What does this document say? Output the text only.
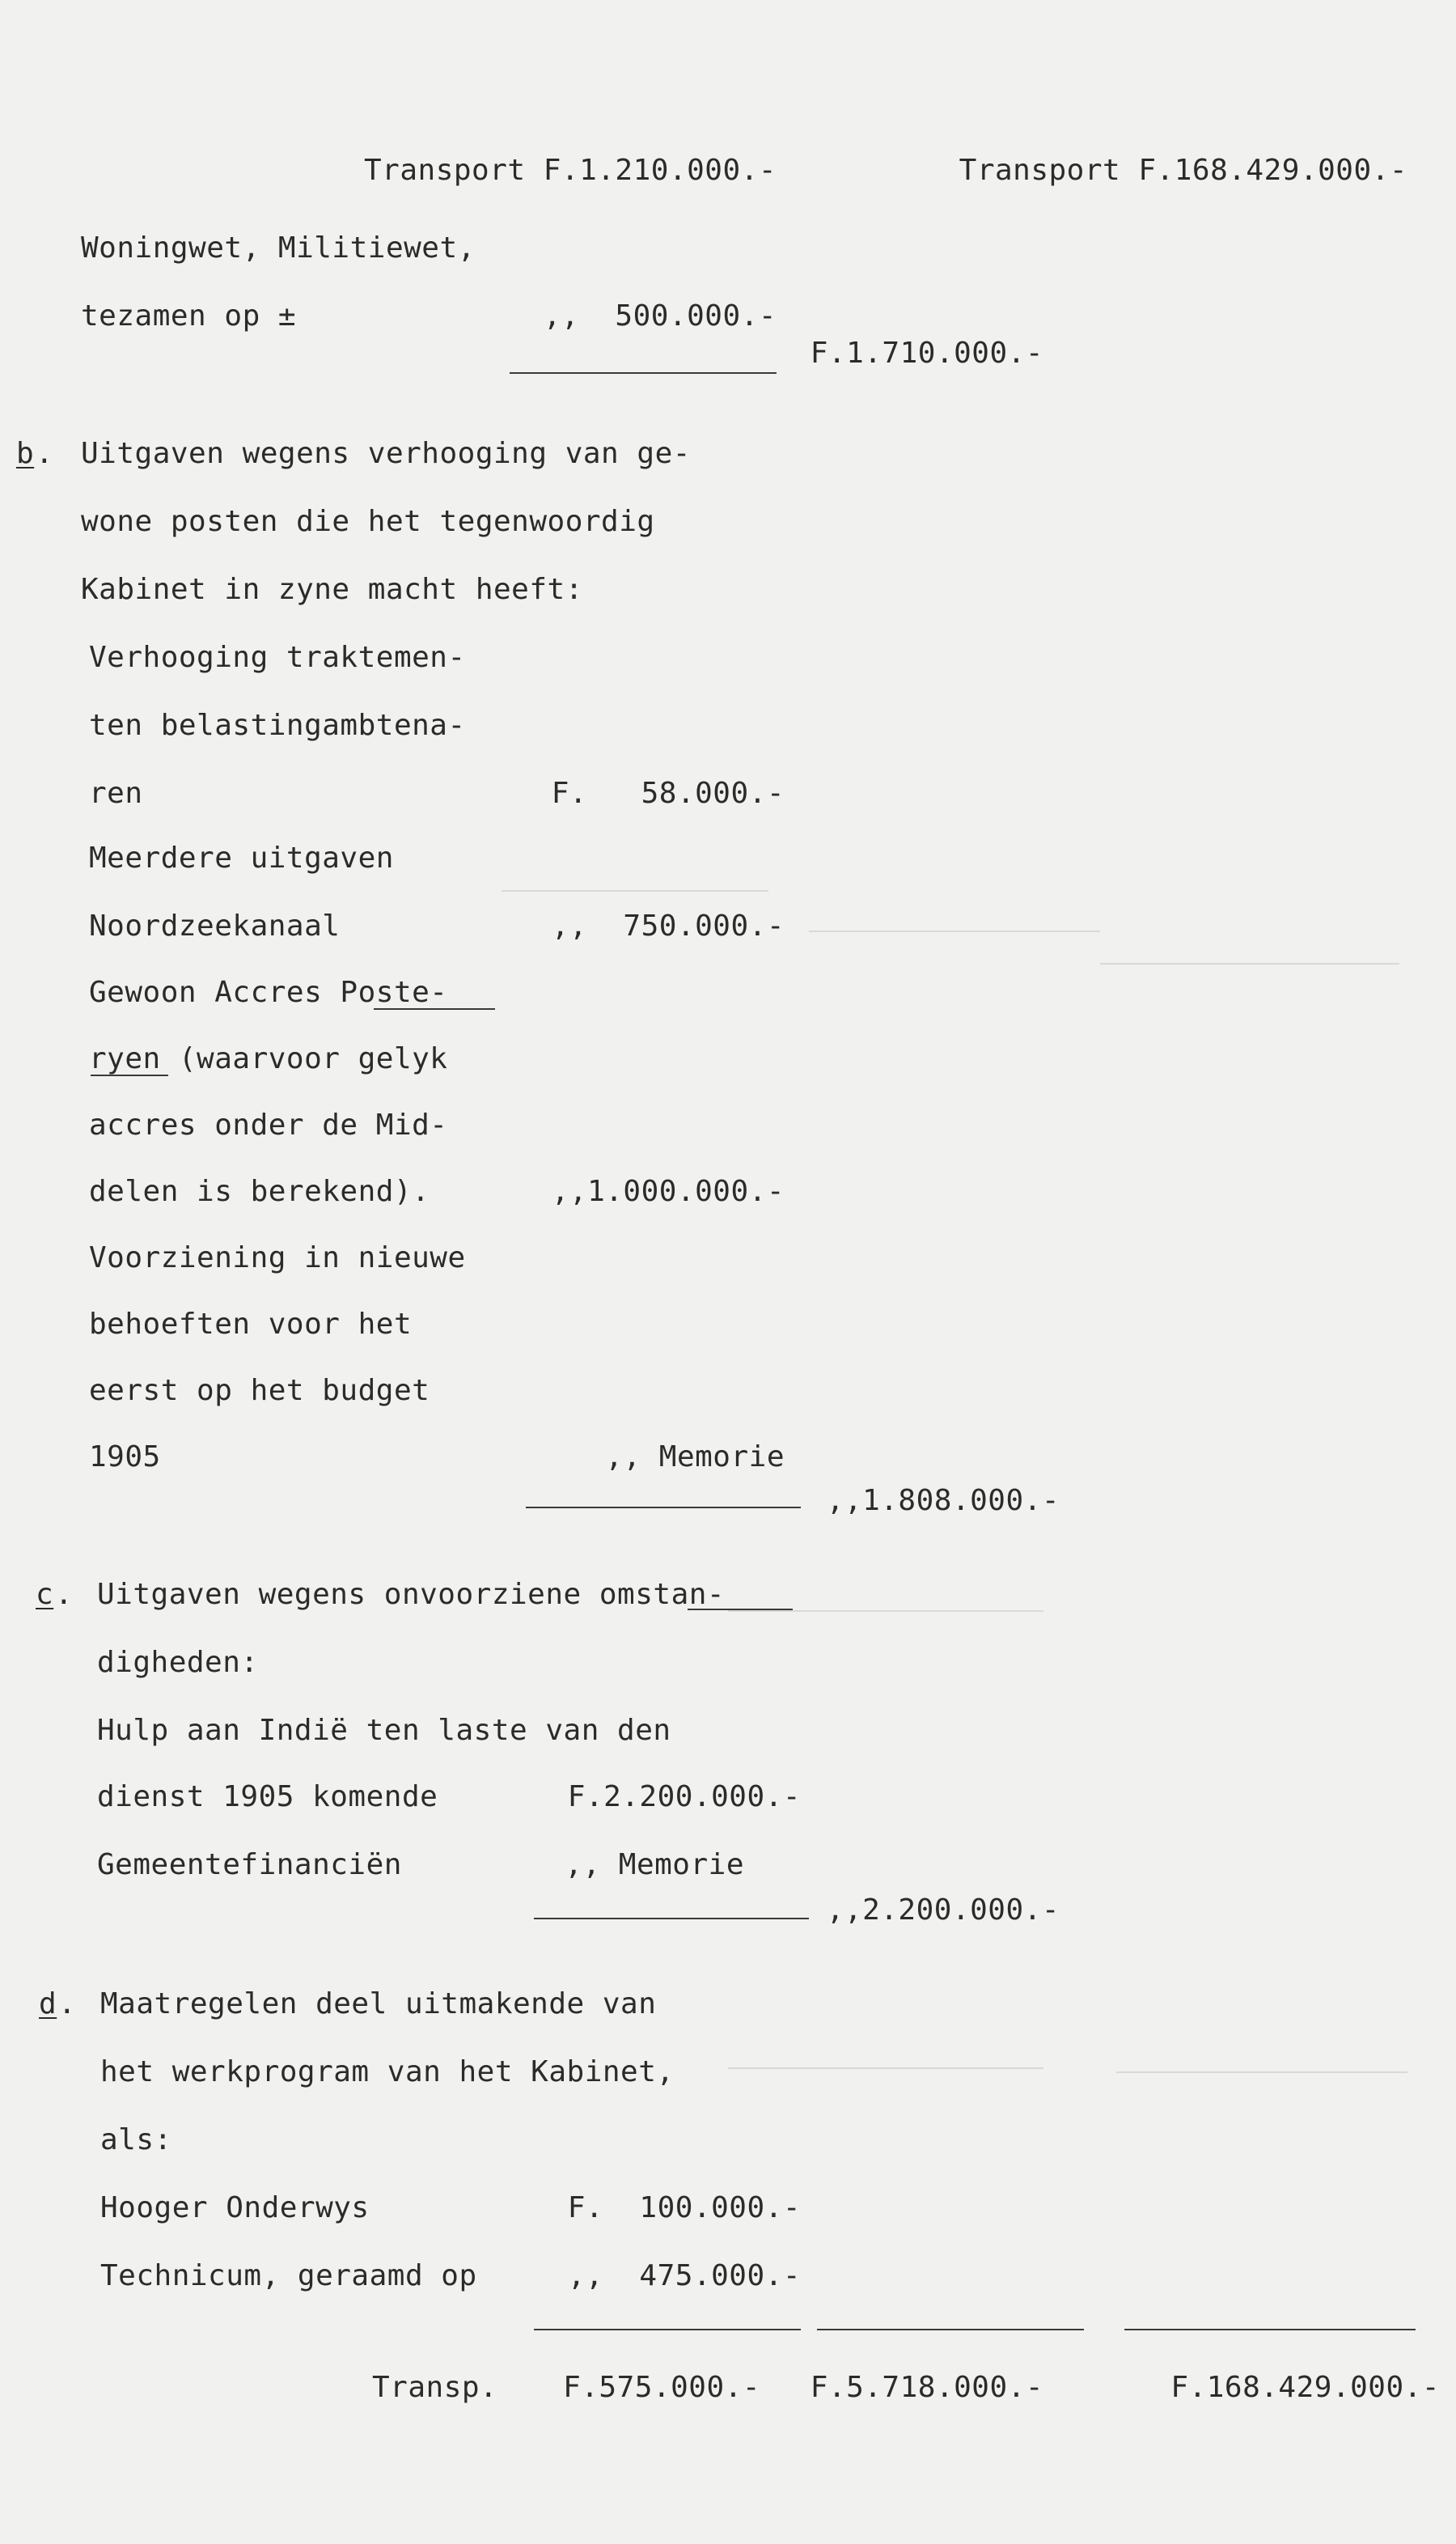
Transport F.1.210.000.-	Transport F.168.429.000.-
Woningwet, Militiewet,
tezamen op ±	,,  500.000.-
F.1.710.000.-
b . Uitgaven wegens verhooging van ge-
wone posten die het tegenwoordig
Kabinet in zyne macht heeft:
Verhooging traktemen-
ten belastingambtena-
ren	F.   58.000.-
Meerdere uitgaven
Noordzeekanaal	,,  750.000.-
Gewoon Accres Poste-
ryen (waarvoor gelyk
accres onder de Mid-
delen is berekend).	,,1.000.000.-
Voorziening in nieuwe
behoeften voor het
eerst op het budget
1905	,, Memorie
,,1.808.000.-
c . Uitgaven wegens onvoorziene omstan-
digheden:
Hulp aan Indië ten laste van den
dienst 1905 komende	F.2.200.000.-
Gemeentefinanciën	,, Memorie
,,2.200.000.-
d . Maatregelen deel uitmakende van
het werkprogram van het Kabinet,
als:
Hooger Onderwys	F.  100.000.-
Technicum, geraamd op	,,  475.000.-
Transp.	F.575.000.-	F.5.718.000.-	F.168.429.000.-
